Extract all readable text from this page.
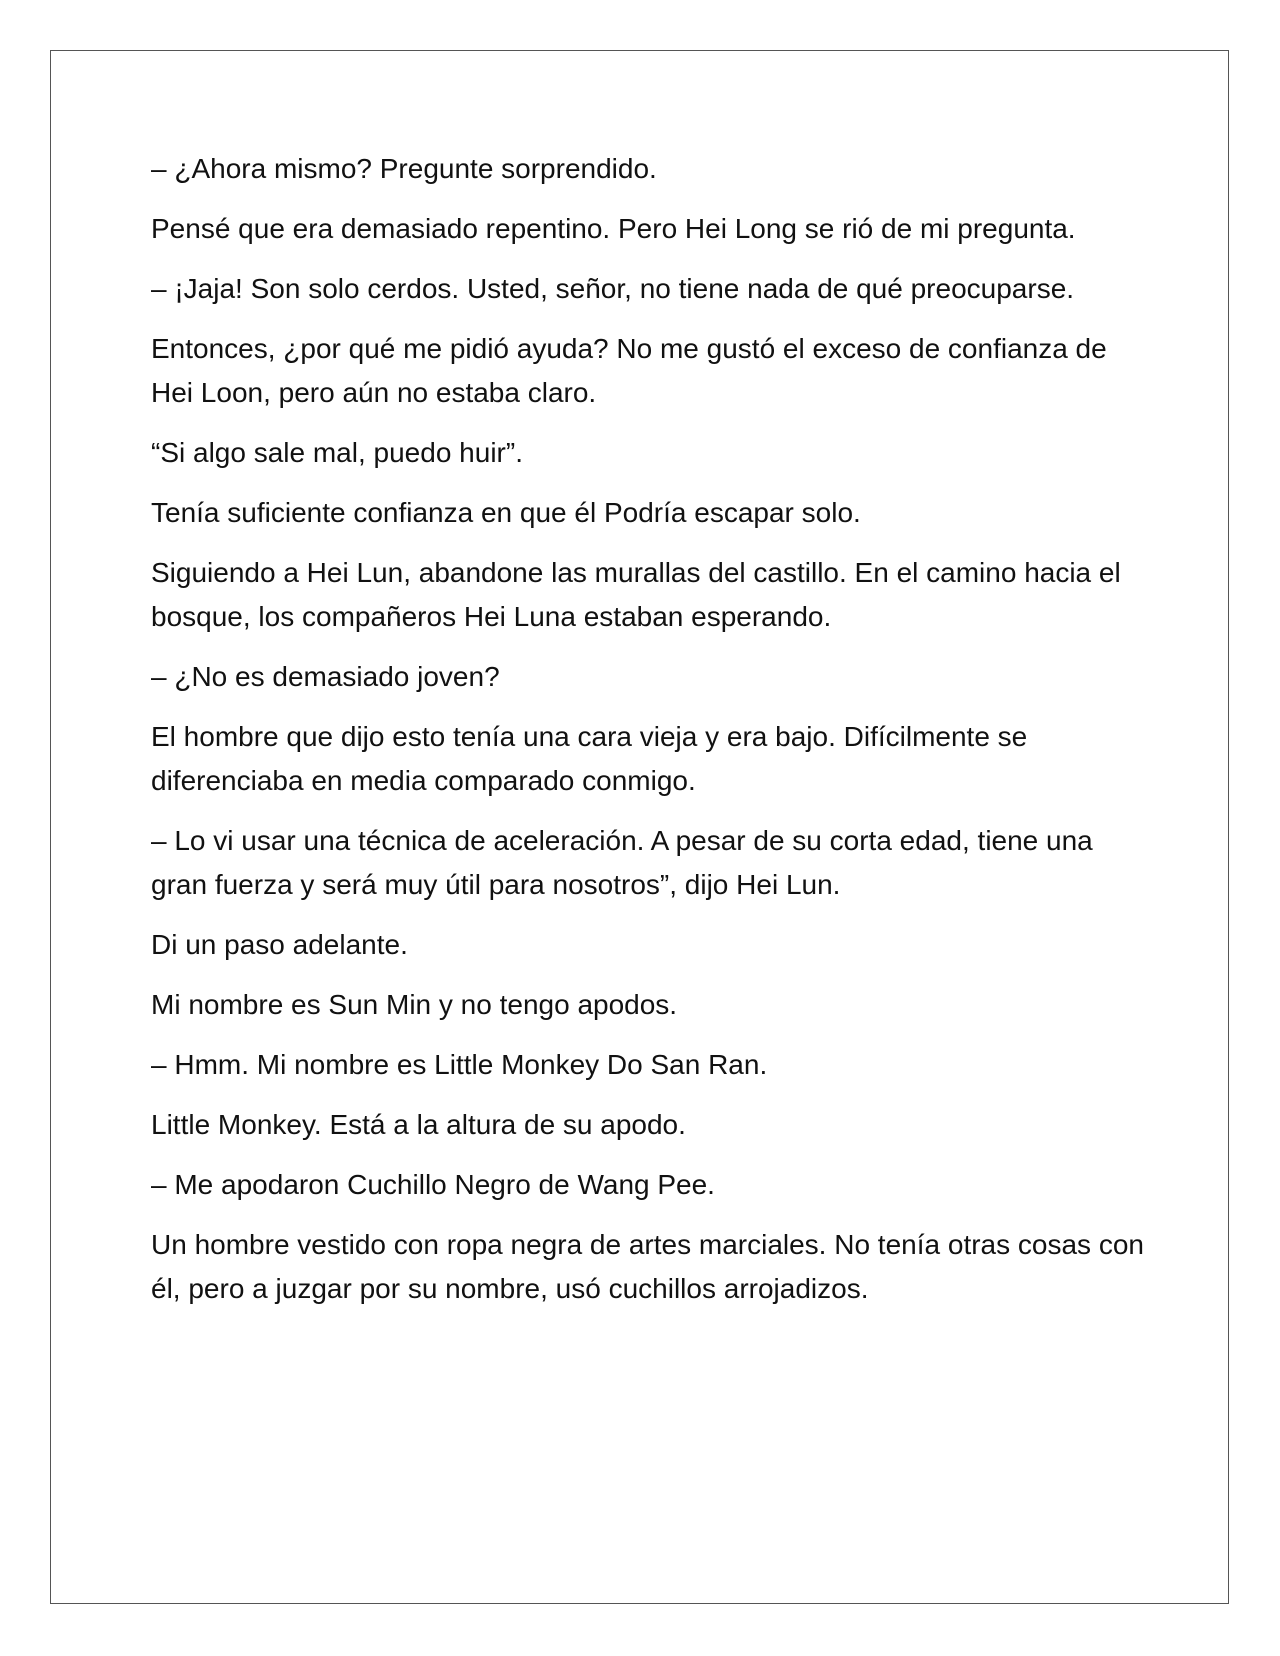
– ¿Ahora mismo? Pregunte sorprendido.

Pensé que era demasiado repentino. Pero Hei Long se rió de mi pregunta.

– ¡Jaja! Son solo cerdos. Usted, señor, no tiene nada de qué preocuparse.

Entonces, ¿por qué me pidió ayuda? No me gustó el exceso de confianza de Hei Loon, pero aún no estaba claro.

“Si algo sale mal, puedo huir”.

Tenía suficiente confianza en que él Podría escapar solo.

Siguiendo a Hei Lun, abandone las murallas del castillo. En el camino hacia el bosque, los compañeros Hei Luna estaban esperando.

– ¿No es demasiado joven?

El hombre que dijo esto tenía una cara vieja y era bajo. Difícilmente se diferenciaba en media comparado conmigo.

– Lo vi usar una técnica de aceleración. A pesar de su corta edad, tiene una gran fuerza y será muy útil para nosotros”, dijo Hei Lun.

Di un paso adelante.

Mi nombre es Sun Min y no tengo apodos.

– Hmm. Mi nombre es Little Monkey Do San Ran.

Little Monkey. Está a la altura de su apodo.

– Me apodaron Cuchillo Negro de Wang Pee.

Un hombre vestido con ropa negra de artes marciales. No tenía otras cosas con él, pero a juzgar por su nombre, usó cuchillos arrojadizos.
